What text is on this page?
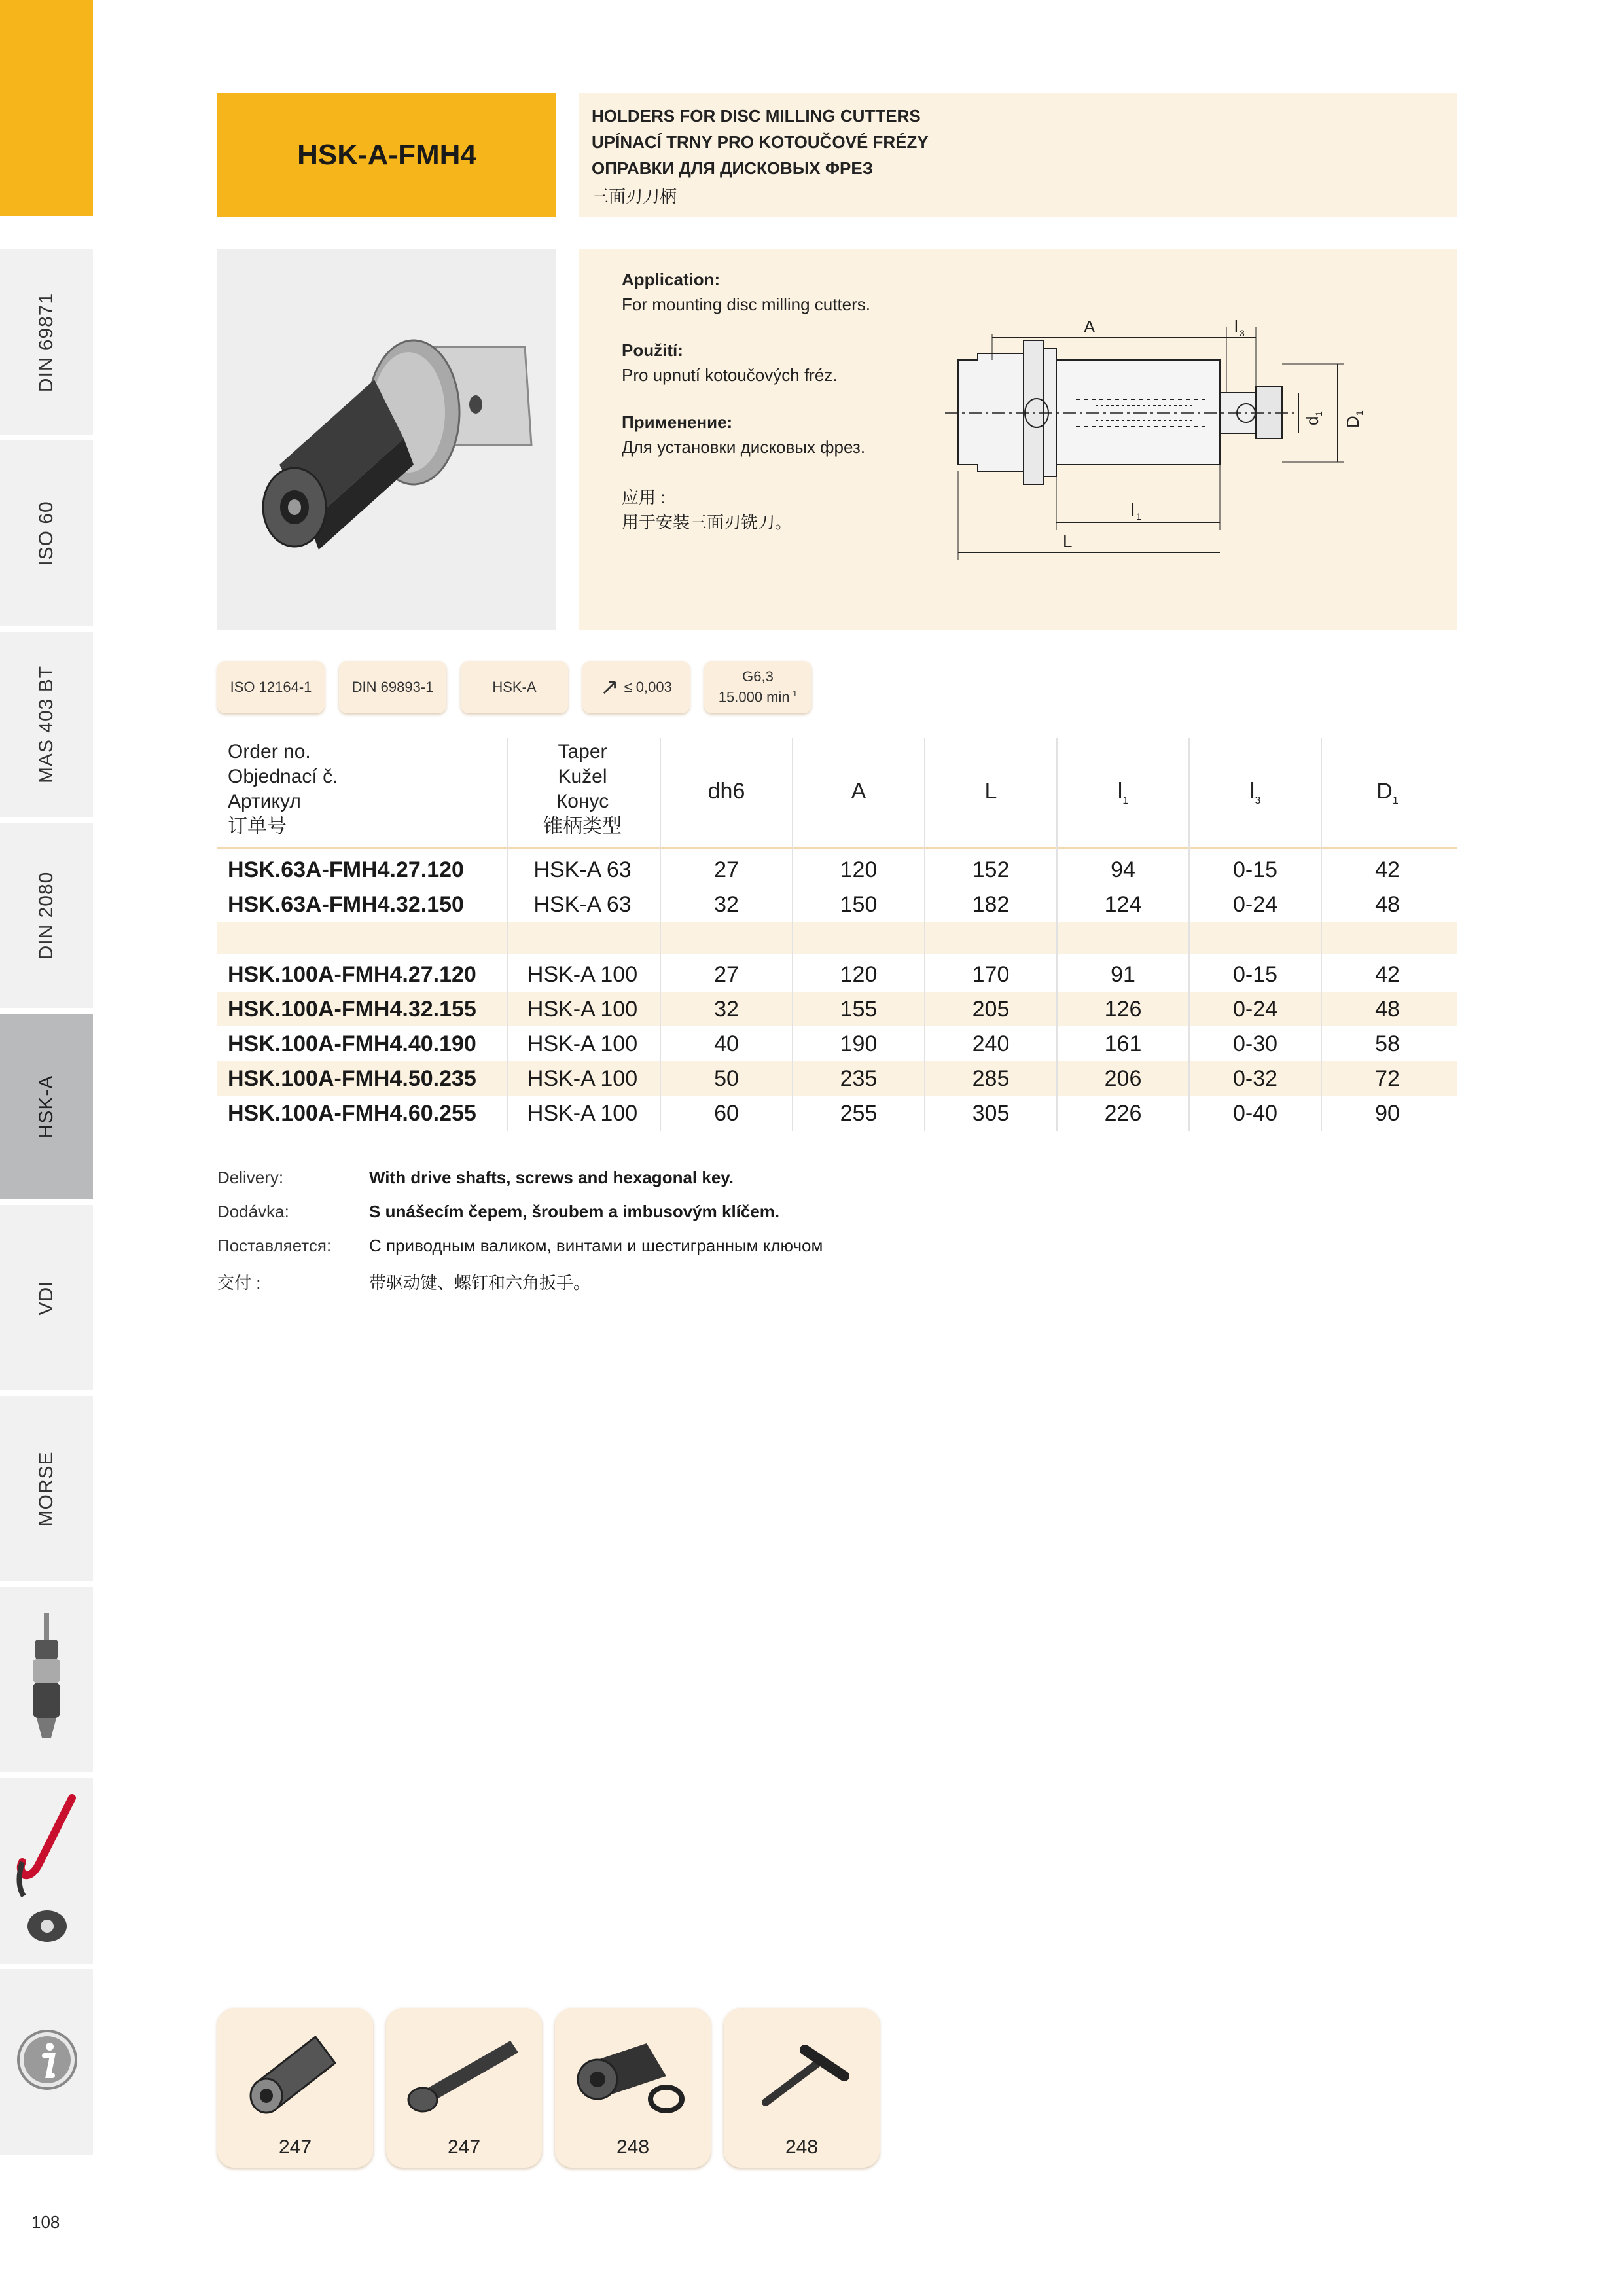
DIN 69871
ISO 60
MAS 403 BT
DIN 2080
HSK-A
VDI
MORSE
HSK-A-FMH4
HOLDERS FOR DISC MILLING CUTTERS
UPÍNACÍ TRNY PRO KOTOUČOVÉ FRÉZY
ОПРАВКИ ДЛЯ ДИСКОВЫХ ФРЕЗ
三面刃刀柄
Application:
For mounting disc milling cutters.
Použití:
Pro upnutí kotoučových fréz.
Применение:
Для установки дисковых фрез.
应用 :
用于安装三面刃铣刀。
A	l 3
l 1
L
d
1
D
1
ISO 12164-1	DIN 69893-1	HSK-A	↗ ≤ 0,003
G6,3
15.000 $\min^{-1}$
Order no.
Objednací č.
Артикул
订单号
Taper
Kužel
Конус
锥柄类型
dh6	A	L	$l_1$	$l_3$	$D_1$
HSK.63A-FMH4.27.120	HSK-A 63	27	120	152	94	0-15	42
HSK.63A-FMH4.32.150	HSK-A 63	32	150	182	124	0-24	48
HSK.100A-FMH4.27.120 HSK-A 100	27	120	170	91	0-15	42
HSK.100A-FMH4.32.155 HSK-A 100	32	155	205	126	0-24	48
HSK.100A-FMH4.40.190 HSK-A 100	40	190	240	161	0-30	58
HSK.100A-FMH4.50.235 HSK-A 100	50	235	285	206	0-32	72
HSK.100A-FMH4.60.255 HSK-A 100	60	255	305	226	0-40	90
Delivery:	With drive shafts, screws and hexagonal key.
Dodávka:	S unášecím čepem, šroubem a imbusovým klíčem.
Поставляется: С приводным валиком, винтами и шестигранным ключом
交付 :	带驱动键、螺钉和六角扳手。
247	247	248	248
108
